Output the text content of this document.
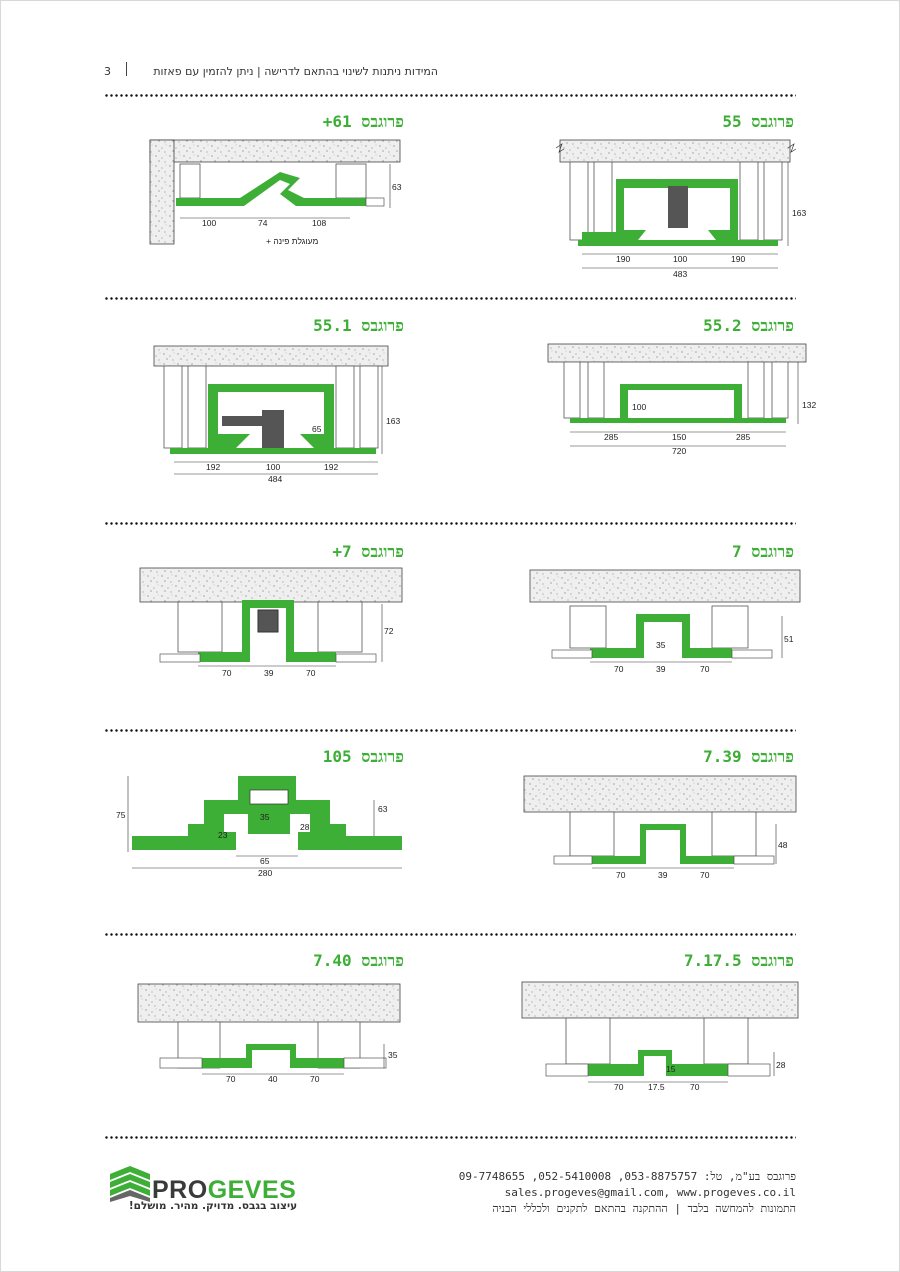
3	המידות ניתנות לשינוי בהתאם לדרישה | ניתן להזמין עם פאזות
פרוגבס 55
פרוגבס 61+
פרוגבס 55.2
פרוגבס 55.1
פרוגבס 7
פרוגבס 7+
פרוגבס 7.39
פרוגבס 105
פרוגבס 7.17.5
פרוגבס 7.40
163
190	100	190
483
63
100	74	108
+ מעוגלת פינה
132
100
285	150	285
720
163
65
192	100	192
484
51
35
70	39	70
72
70	39	70
48
70	39	70
75
63
35
28
23
65
280
28
15
70	17.5	70
35
70	40	70
PROGEVES
עיצוב בגבס. מדויק. מהיר. מושלם!
פרוגבס בע"מ, טל: 053-8875757, 052-5410008, 09-7748655
sales.progeves@gmail.com, www.progeves.co.il
התמונות להמחשה בלבד | ההתקנה בהתאם לתקנים ולכללי הבניה
